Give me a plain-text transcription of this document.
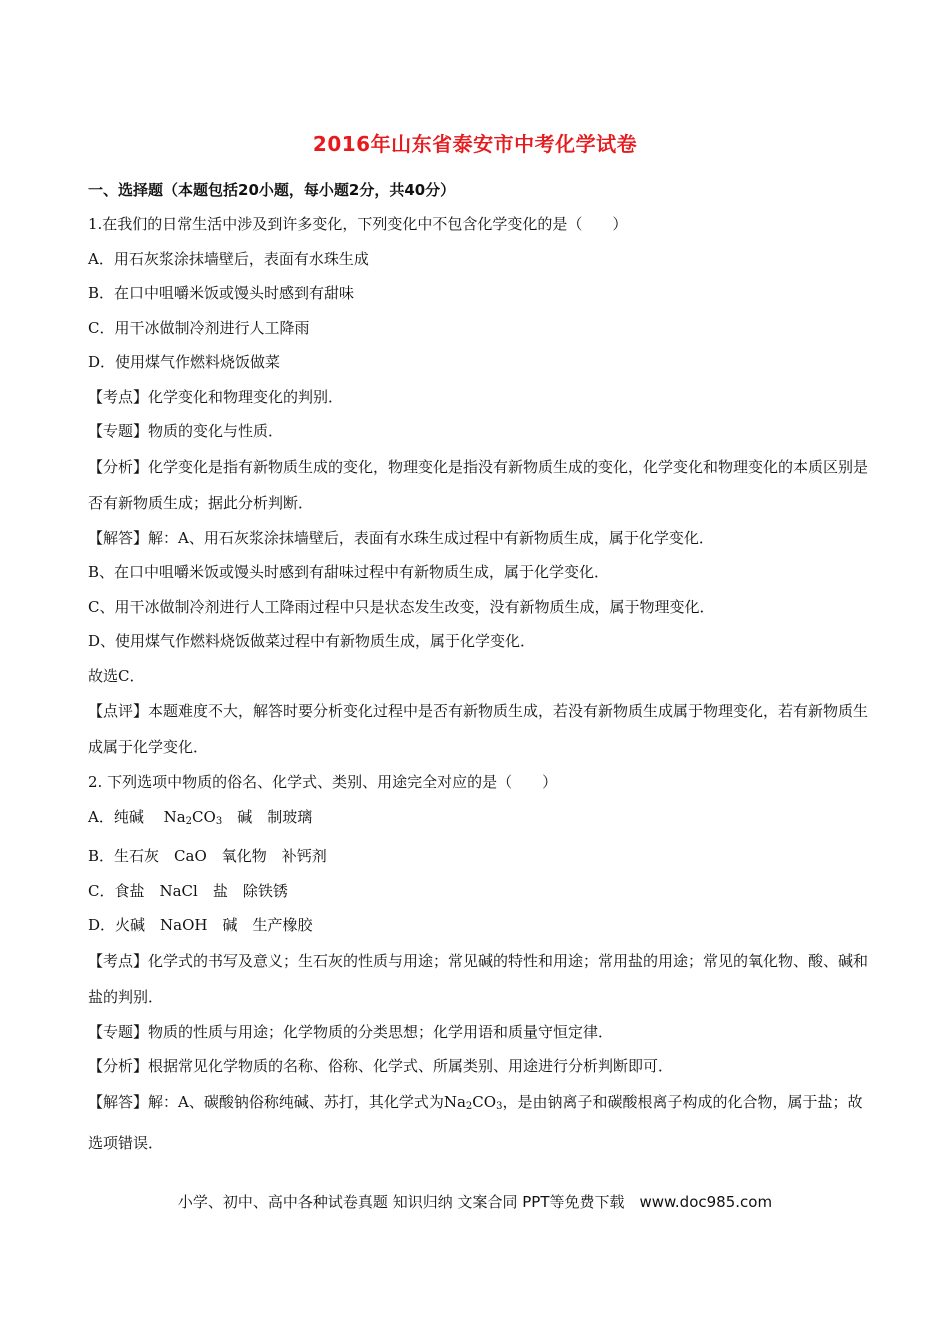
2016年山东省泰安市中考化学试卷
一、选择题（本题包括20小题，每小题2分，共40分）
1.在我们的日常生活中涉及到许多变化，下列变化中不包含化学变化的是（　　）
A．用石灰浆涂抹墙壁后，表面有水珠生成
B．在口中咀嚼米饭或馒头时感到有甜味
C．用干冰做制冷剂进行人工降雨
D．使用煤气作燃料烧饭做菜
【考点】化学变化和物理变化的判别．
【专题】物质的变化与性质．
【分析】化学变化是指有新物质生成的变化，物理变化是指没有新物质生成的变化，化学变化和物理变化的本质区别是否有新物质生成；据此分析判断．
【解答】解：A、用石灰浆涂抹墙壁后，表面有水珠生成过程中有新物质生成，属于化学变化．
B、在口中咀嚼米饭或馒头时感到有甜味过程中有新物质生成，属于化学变化．
C、用干冰做制冷剂进行人工降雨过程中只是状态发生改变，没有新物质生成，属于物理变化．
D、使用煤气作燃料烧饭做菜过程中有新物质生成，属于化学变化．
故选C．
【点评】本题难度不大，解答时要分析变化过程中是否有新物质生成，若没有新物质生成属于物理变化，若有新物质生成属于化学变化．
2. 下列选项中物质的俗名、化学式、类别、用途完全对应的是（　　）
A．纯碱　 $Na_2CO_3$　碱　制玻璃
B．生石灰　CaO　氧化物　补钙剂
C．食盐　NaCl　盐　除铁锈
D．火碱　NaOH　碱　生产橡胶
【考点】化学式的书写及意义；生石灰的性质与用途；常见碱的特性和用途；常用盐的用途；常见的氧化物、酸、碱和盐的判别．
【专题】物质的性质与用途；化学物质的分类思想；化学用语和质量守恒定律．
【分析】根据常见化学物质的名称、俗称、化学式、所属类别、用途进行分析判断即可．
【解答】解：A、碳酸钠俗称纯碱、苏打，其化学式为$Na_2CO_3$，是由钠离子和碳酸根离子构成的化合物，属于盐；故选项错误．
小学、初中、高中各种试卷真题 知识归纳 文案合同 PPT等免费下载　www.doc985.com
